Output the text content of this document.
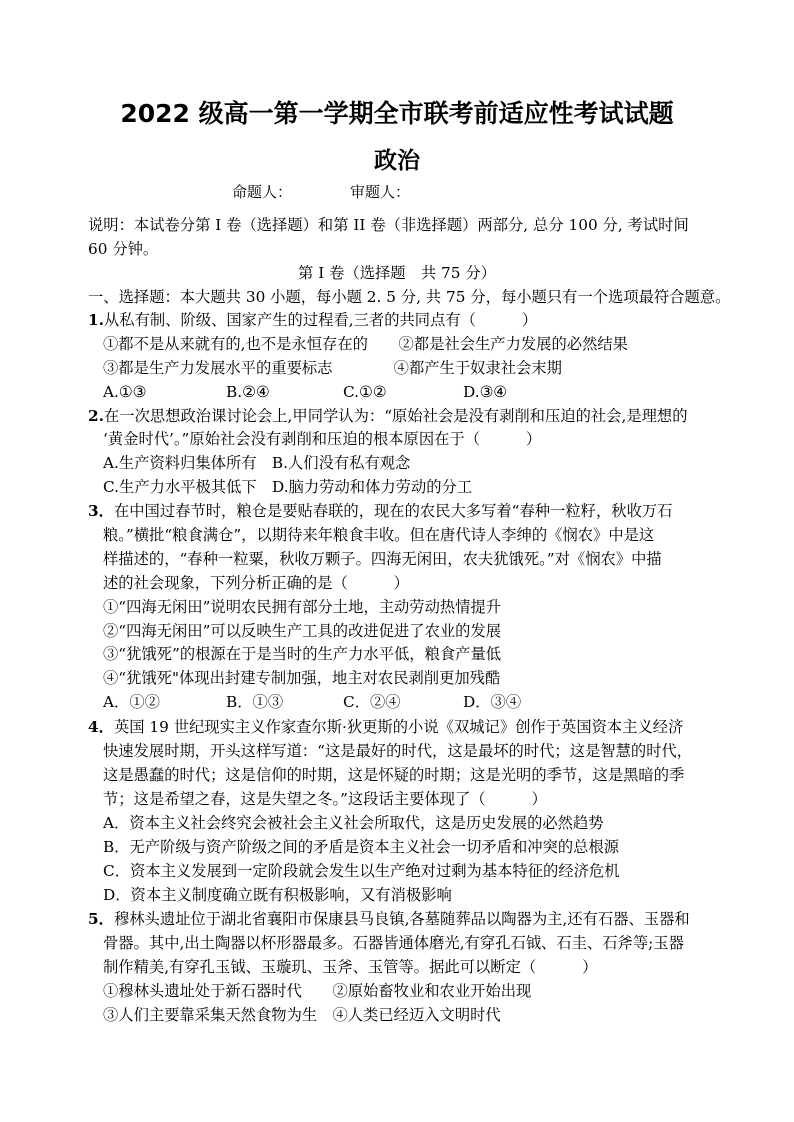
2022 级高一第一学期全市联考前适应性考试试题
政治
命题人：	审题人：
说明：本试卷分第 I 卷（选择题）和第 II 卷（非选择题）两部分, 总分 100 分, 考试时间
60 分钟。
第 I 卷（选择题　共 75 分）
一、选择题：本大题共 30 小题，每小题 2. 5 分, 共 75 分，每小题只有一个选项最符合题意。
1.从私有制、阶级、国家产生的过程看,三者的共同点有（　　　）
①都不是从来就有的,也不是永恒存在的　　②都是社会生产力发展的必然结果
③都是生产力发展水平的重要标志　　　　④都产生于奴隶社会末期
A.①③	B.②④	C.①②	D.③④
2.在一次思想政治课讨论会上,甲同学认为：“原始社会是没有剥削和压迫的社会,是理想的
‘黄金时代’。”原始社会没有剥削和压迫的根本原因在于（　　　）
A.生产资料归集体所有　B.人们没有私有观念
C.生产力水平极其低下　D.脑力劳动和体力劳动的分工
3．在中国过春节时，粮仓是要贴春联的，现在的农民大多写着“春种一粒籽，秋收万石
粮。”横批“粮食满仓”，以期待来年粮食丰收。但在唐代诗人李绅的《悯农》中是这
样描述的，“春种一粒粟，秋收万颗子。四海无闲田，农夫犹饿死。”对《悯农》中描
述的社会现象，下列分析正确的是（　　　）
①“四海无闲田”说明农民拥有部分土地，主动劳动热情提升
②“四海无闲田”可以反映生产工具的改进促进了农业的发展
③“犹饿死”的根源在于是当时的生产力水平低，粮食产量低
④“犹饿死"体现出封建专制加强，地主对农民剥削更加残酷
A．①②	B．①③	C．②④	D．③④
4．英国 19 世纪现实主义作家查尔斯·狄更斯的小说《双城记》创作于英国资本主义经济
快速发展时期，开头这样写道：“这是最好的时代，这是最坏的时代；这是智慧的时代，
这是愚蠢的时代；这是信仰的时期，这是怀疑的时期；这是光明的季节，这是黑暗的季
节；这是希望之春，这是失望之冬。”这段话主要体现了（　　　）
A．资本主义社会终究会被社会主义社会所取代，这是历史发展的必然趋势
B．无产阶级与资产阶级之间的矛盾是资本主义社会一切矛盾和冲突的总根源
C．资本主义发展到一定阶段就会发生以生产绝对过剩为基本特征的经济危机
D．资本主义制度确立既有积极影响，又有消极影响
5．穆林头遗址位于湖北省襄阳市保康县马良镇,各墓随葬品以陶器为主,还有石器、玉器和
骨器。其中,出土陶器以杯形器最多。石器皆通体磨光,有穿孔石钺、石圭、石斧等;玉器
制作精美,有穿孔玉钺、玉璇玑、玉斧、玉管等。据此可以断定（　　　）
①穆林头遗址处于新石器时代　　②原始畜牧业和农业开始出现
③人们主要靠采集天然食物为生　④人类已经迈入文明时代
